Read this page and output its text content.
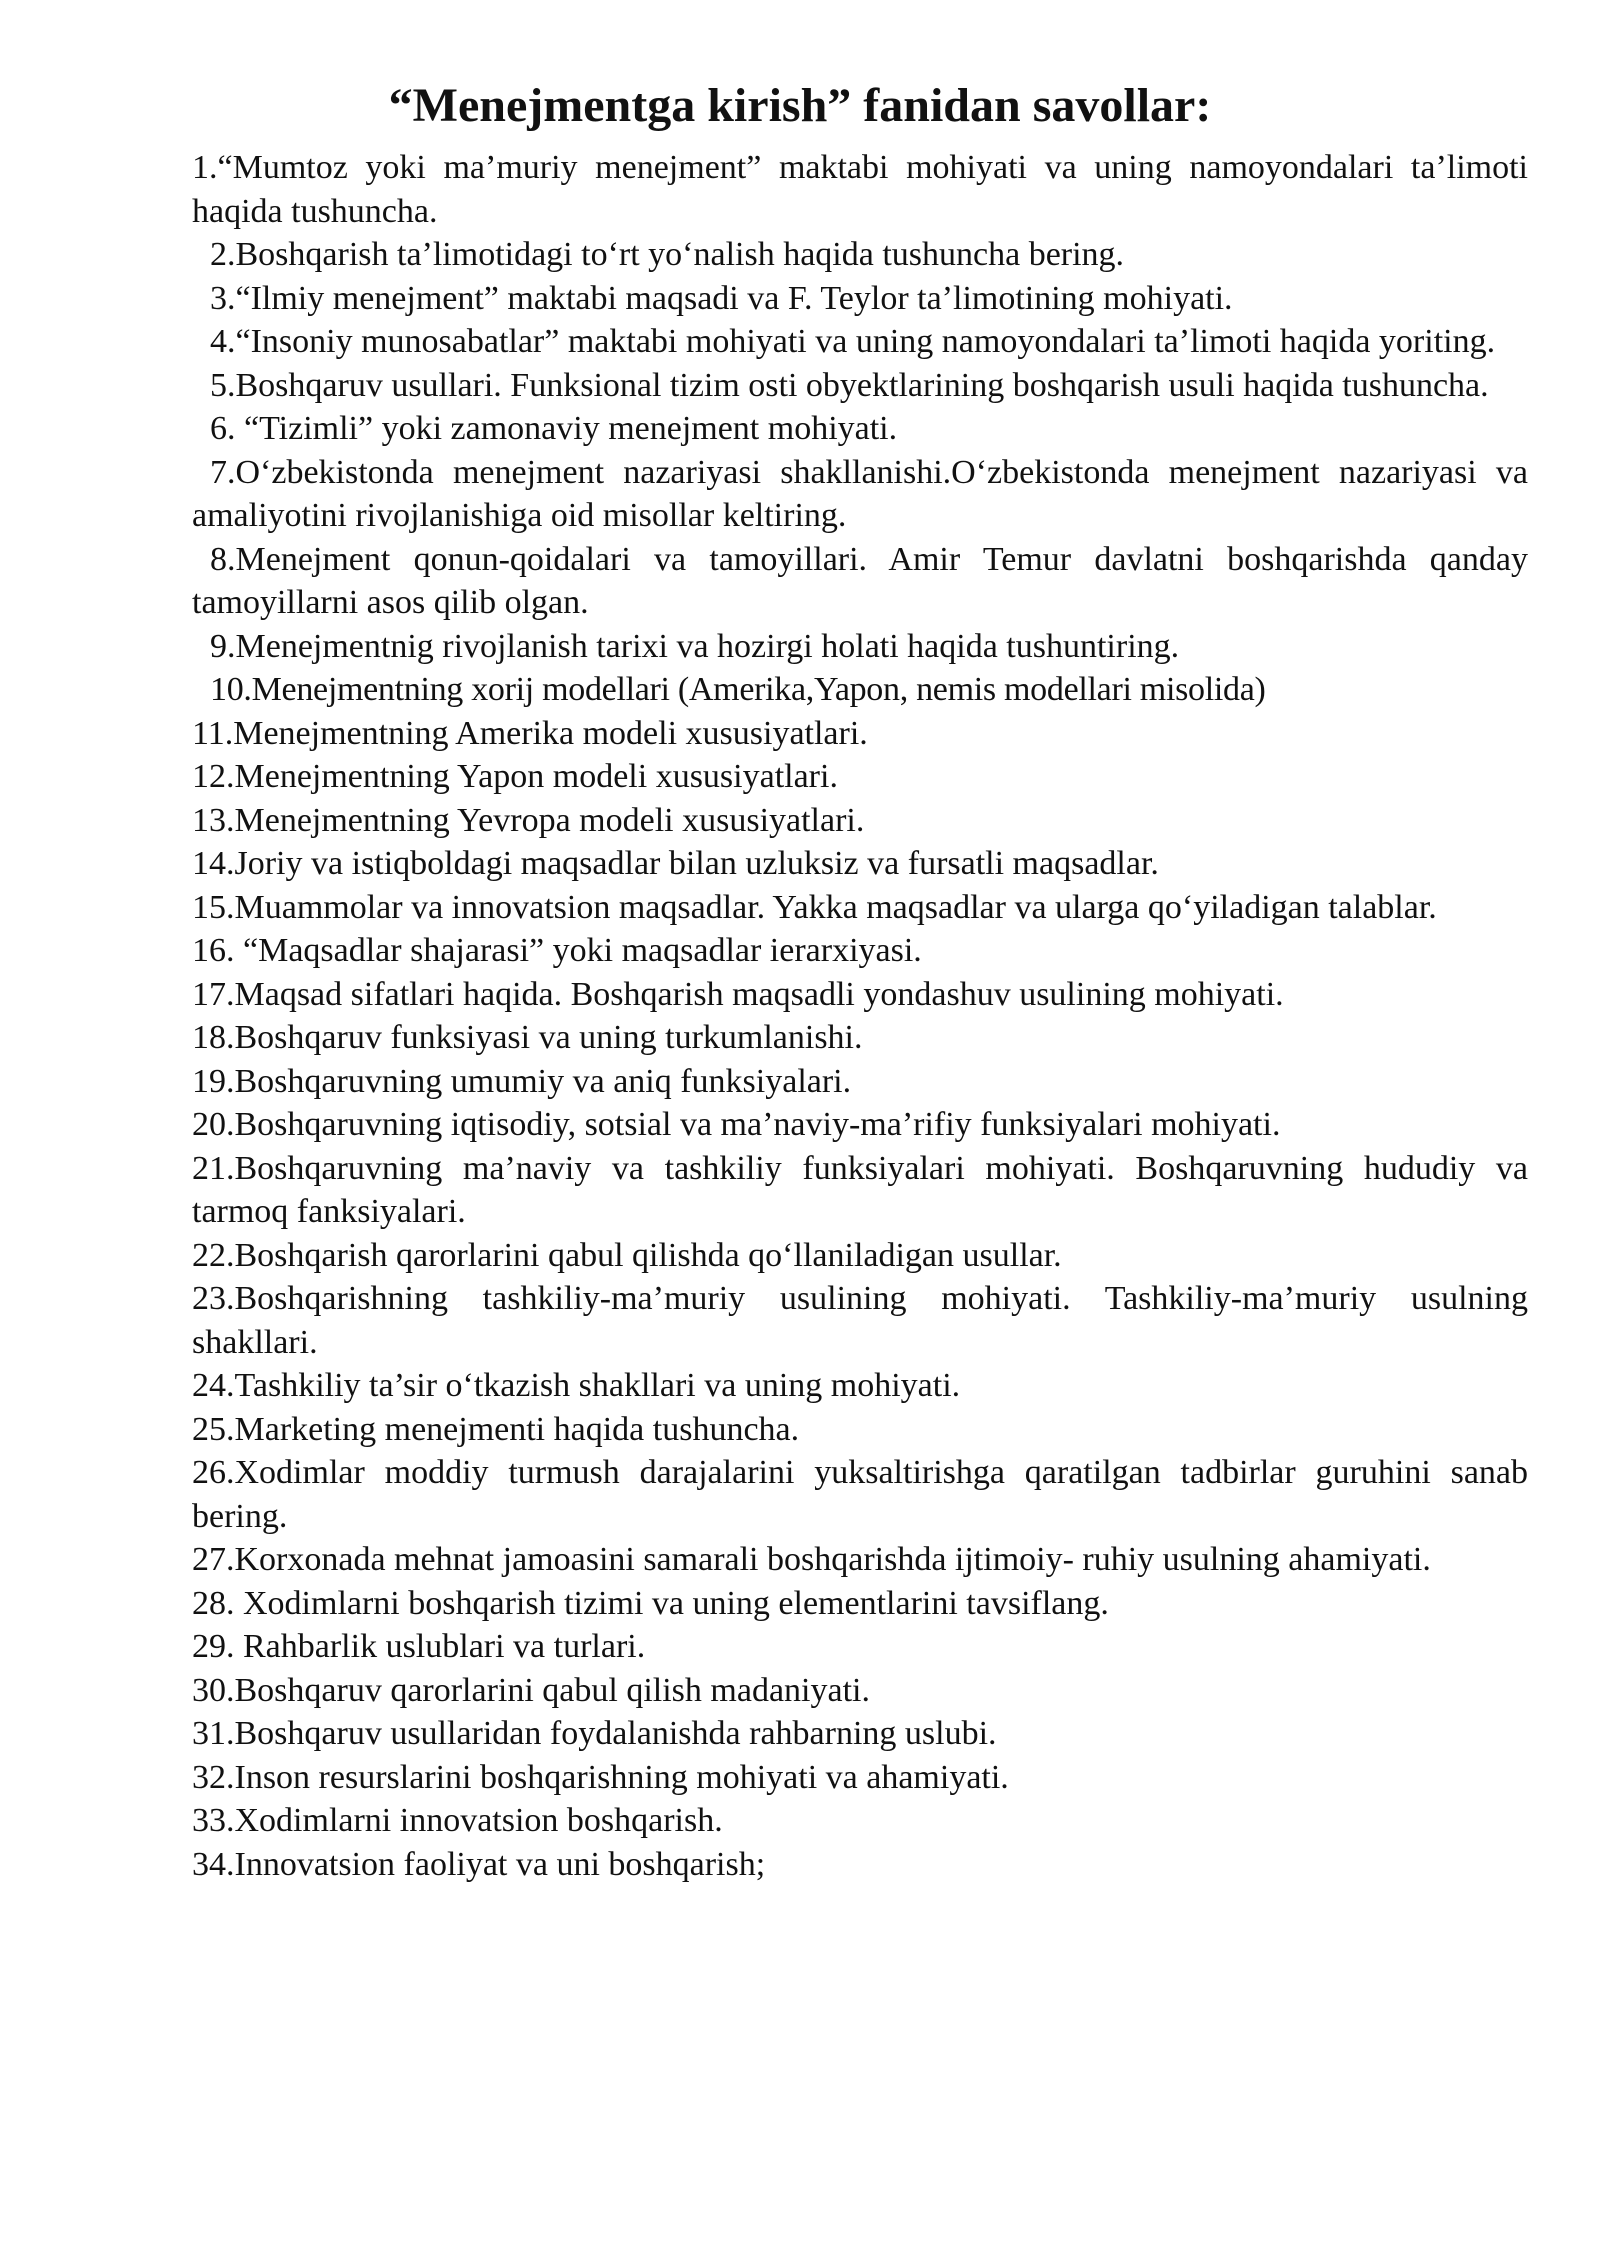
“Menejmentga kirish” fanidan savollar:
1.“Mumtoz yoki ma’muriy menejment” maktabi mohiyati va uning namoyondalari ta’limoti haqida tushuncha.
2.Boshqarish ta’limotidagi to‘rt yo‘nalish haqida tushuncha bering.
3.“Ilmiy menejment” maktabi maqsadi va F. Teylor ta’limotining mohiyati.
4.“Insoniy munosabatlar” maktabi mohiyati va uning namoyondalari ta’limoti haqida yoriting.
5.Boshqaruv usullari. Funksional tizim osti obyektlarining boshqarish usuli haqida tushuncha.
6. “Tizimli” yoki zamonaviy menejment mohiyati.
7.O‘zbekistonda menejment nazariyasi shakllanishi.O‘zbekistonda menejment nazariyasi va amaliyotini rivojlanishiga oid misollar keltiring.
8.Menejment qonun-qoidalari va tamoyillari. Amir Temur davlatni boshqarishda qanday tamoyillarni asos qilib olgan.
9.Menejmentnig rivojlanish tarixi va hozirgi holati haqida tushuntiring.
10.Menejmentning xorij modellari (Amerika,Yapon, nemis modellari misolida)
11.Menejmentning Amerika modeli xususiyatlari.
12.Menejmentning Yapon modeli xususiyatlari.
13.Menejmentning Yevropa modeli xususiyatlari.
14.Joriy va istiqboldagi maqsadlar bilan uzluksiz va fursatli maqsadlar.
15.Muammolar va innovatsion maqsadlar. Yakka maqsadlar va ularga qo‘yiladigan talablar.
16. “Maqsadlar shajarasi” yoki maqsadlar ierarxiyasi.
17.Maqsad sifatlari haqida. Boshqarish maqsadli yondashuv usulining mohiyati.
18.Boshqaruv funksiyasi va uning turkumlanishi.
19.Boshqaruvning umumiy va aniq funksiyalari.
20.Boshqaruvning iqtisodiy, sotsial va ma’naviy-ma’rifiy funksiyalari mohiyati.
21.Boshqaruvning ma’naviy va tashkiliy funksiyalari mohiyati. Boshqaruvning hududiy va tarmoq fanksiyalari.
22.Boshqarish qarorlarini qabul qilishda qo‘llaniladigan usullar.
23.Boshqarishning tashkiliy-ma’muriy usulining mohiyati. Tashkiliy-ma’muriy usulning shakllari.
24.Tashkiliy ta’sir o‘tkazish shakllari va uning mohiyati.
25.Marketing menejmenti haqida tushuncha.
26.Xodimlar moddiy turmush darajalarini yuksaltirishga qaratilgan tadbirlar guruhini sanab bering.
27.Korxonada mehnat jamoasini samarali boshqarishda ijtimoiy- ruhiy usulning ahamiyati.
28. Xodimlarni boshqarish tizimi va uning elementlarini tavsiflang.
29. Rahbarlik uslublari va turlari.
30.Boshqaruv qarorlarini qabul qilish madaniyati.
31.Boshqaruv usullaridan foydalanishda rahbarning uslubi.
32.Inson resurslarini boshqarishning mohiyati va ahamiyati.
33.Xodimlarni innovatsion boshqarish.
34.Innovatsion faoliyat va uni boshqarish;
